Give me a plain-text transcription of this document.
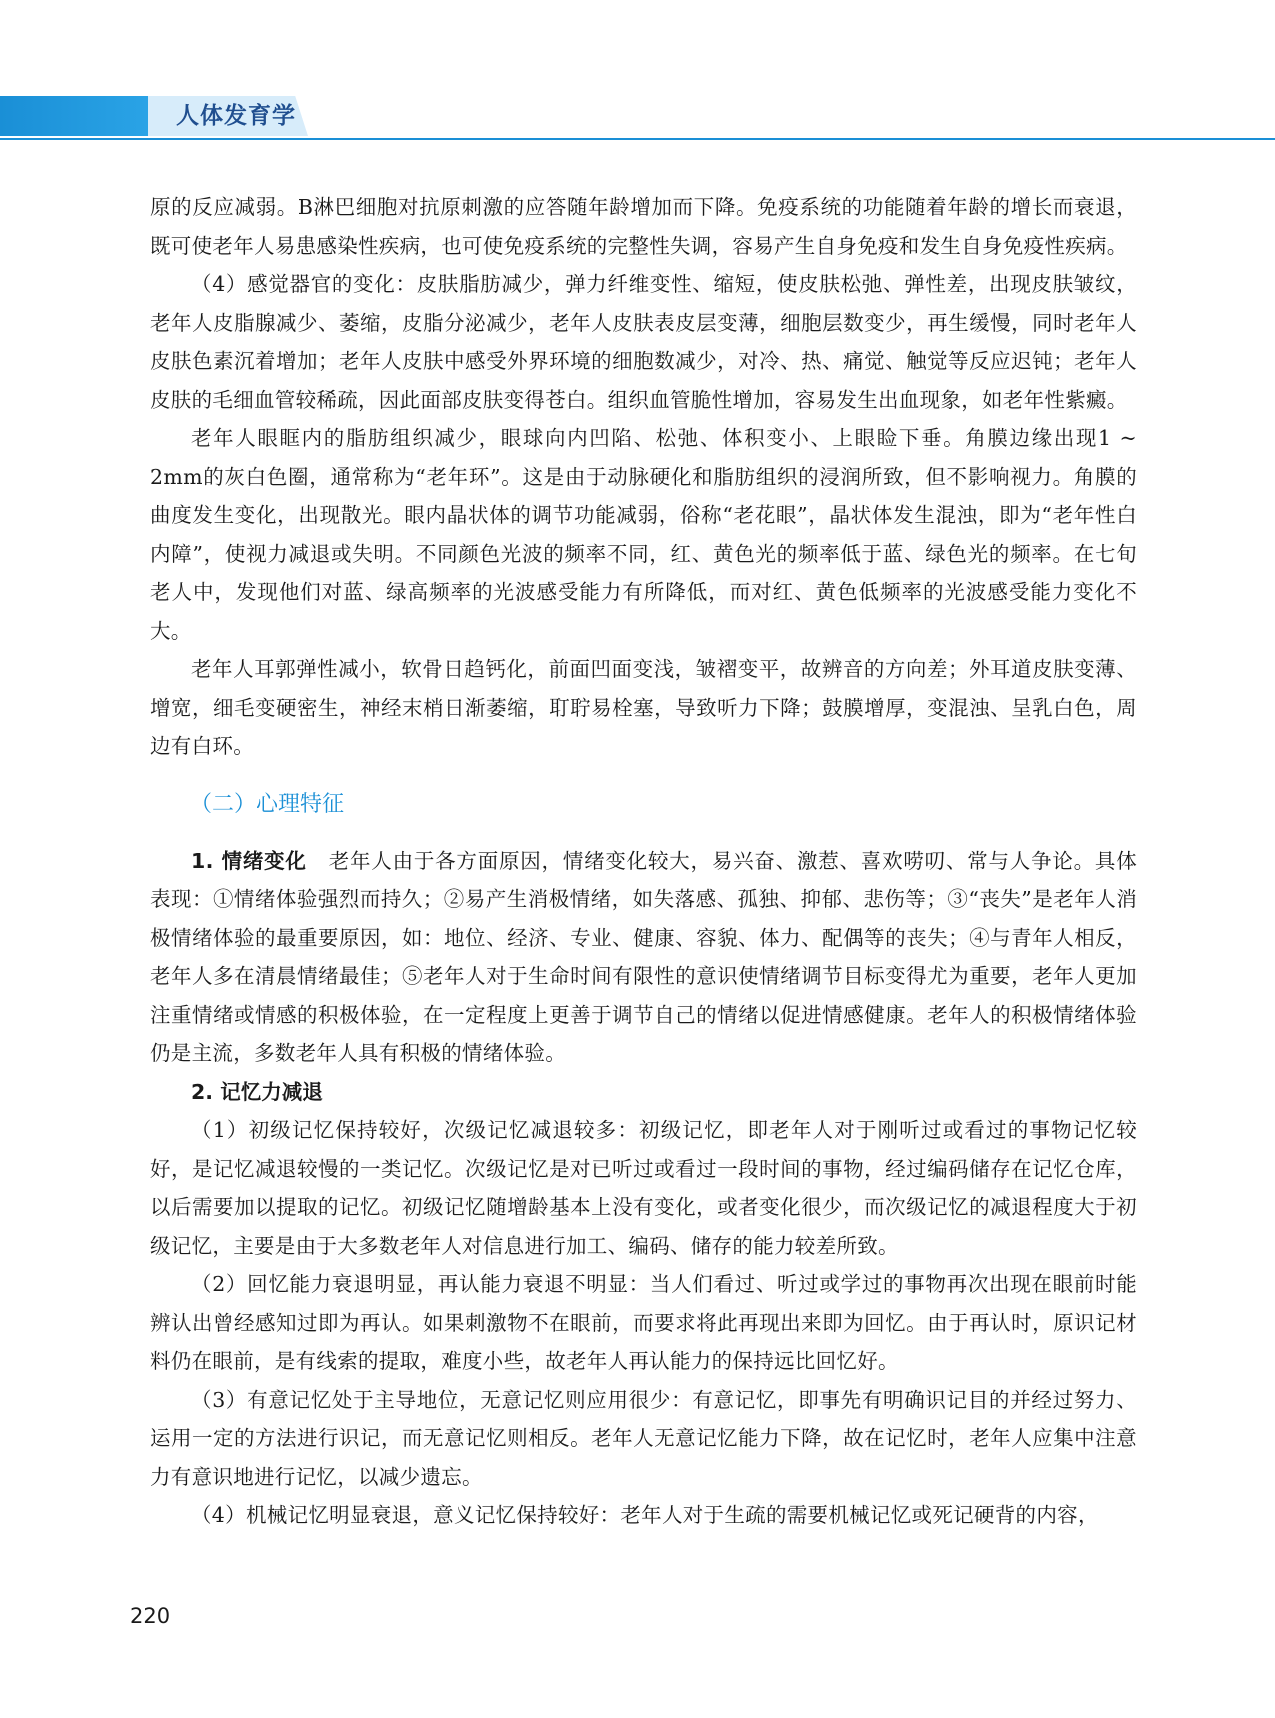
人体发育学

原的反应减弱。B淋巴细胞对抗原刺激的应答随年龄增加而下降。免疫系统的功能随着年龄的增长而衰退，既可使老年人易患感染性疾病，也可使免疫系统的完整性失调，容易产生自身免疫和发生自身免疫性疾病。

（4）感觉器官的变化：皮肤脂肪减少，弹力纤维变性、缩短，使皮肤松弛、弹性差，出现皮肤皱纹，老年人皮脂腺减少、萎缩，皮脂分泌减少，老年人皮肤表皮层变薄，细胞层数变少，再生缓慢，同时老年人皮肤色素沉着增加；老年人皮肤中感受外界环境的细胞数减少，对冷、热、痛觉、触觉等反应迟钝；老年人皮肤的毛细血管较稀疏，因此面部皮肤变得苍白。组织血管脆性增加，容易发生出血现象，如老年性紫癜。

老年人眼眶内的脂肪组织减少，眼球向内凹陷、松弛、体积变小、上眼睑下垂。角膜边缘出现1 ~ 2mm的灰白色圈，通常称为“老年环”。这是由于动脉硬化和脂肪组织的浸润所致，但不影响视力。角膜的曲度发生变化，出现散光。眼内晶状体的调节功能减弱，俗称“老花眼”，晶状体发生混浊，即为“老年性白内障”，使视力减退或失明。不同颜色光波的频率不同，红、黄色光的频率低于蓝、绿色光的频率。在七旬老人中，发现他们对蓝、绿高频率的光波感受能力有所降低，而对红、黄色低频率的光波感受能力变化不大。

老年人耳郭弹性减小，软骨日趋钙化，前面凹面变浅，皱褶变平，故辨音的方向差；外耳道皮肤变薄、增宽，细毛变硬密生，神经末梢日渐萎缩，耵聍易栓塞，导致听力下降；鼓膜增厚，变混浊、呈乳白色，周边有白环。

（二）心理特征

1. 情绪变化 老年人由于各方面原因，情绪变化较大，易兴奋、激惹、喜欢唠叨、常与人争论。具体表现：①情绪体验强烈而持久；②易产生消极情绪，如失落感、孤独、抑郁、悲伤等；③“丧失”是老年人消极情绪体验的最重要原因，如：地位、经济、专业、健康、容貌、体力、配偶等的丧失；④与青年人相反，老年人多在清晨情绪最佳；⑤老年人对于生命时间有限性的意识使情绪调节目标变得尤为重要，老年人更加注重情绪或情感的积极体验，在一定程度上更善于调节自己的情绪以促进情感健康。老年人的积极情绪体验仍是主流，多数老年人具有积极的情绪体验。

2. 记忆力减退

（1）初级记忆保持较好，次级记忆减退较多：初级记忆，即老年人对于刚听过或看过的事物记忆较好，是记忆减退较慢的一类记忆。次级记忆是对已听过或看过一段时间的事物，经过编码储存在记忆仓库，以后需要加以提取的记忆。初级记忆随增龄基本上没有变化，或者变化很少，而次级记忆的减退程度大于初级记忆，主要是由于大多数老年人对信息进行加工、编码、储存的能力较差所致。

（2）回忆能力衰退明显，再认能力衰退不明显：当人们看过、听过或学过的事物再次出现在眼前时能辨认出曾经感知过即为再认。如果刺激物不在眼前，而要求将此再现出来即为回忆。由于再认时，原识记材料仍在眼前，是有线索的提取，难度小些，故老年人再认能力的保持远比回忆好。

（3）有意记忆处于主导地位，无意记忆则应用很少：有意记忆，即事先有明确识记目的并经过努力、运用一定的方法进行识记，而无意记忆则相反。老年人无意记忆能力下降，故在记忆时，老年人应集中注意力有意识地进行记忆，以减少遗忘。

（4）机械记忆明显衰退，意义记忆保持较好：老年人对于生疏的需要机械记忆或死记硬背的内容，

220
